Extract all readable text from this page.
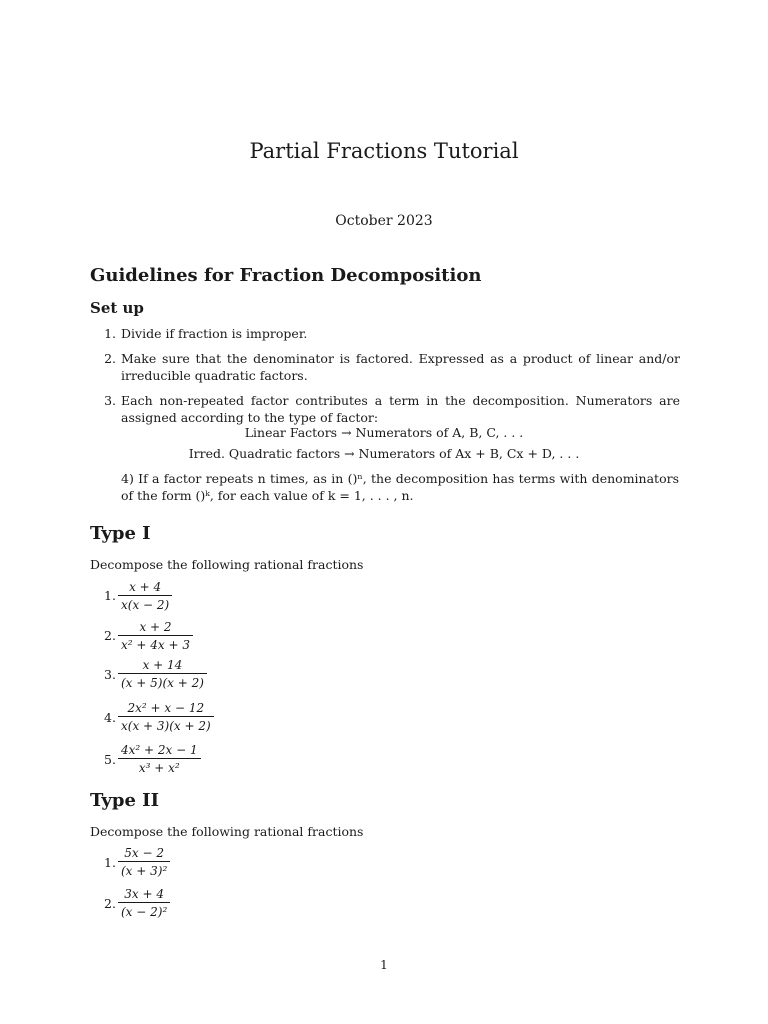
Partial Fractions Tutorial
October 2023
Guidelines for Fraction Decomposition
Set up
1. Divide if fraction is improper.
2. Make sure that the denominator is factored. Expressed as a product of linear and/or irreducible quadratic factors.
3. Each non-repeated factor contributes a term in the decomposition. Numerators are assigned according to the type of factor:
Linear Factors → Numerators of A, B, C, . . .
Irred. Quadratic factors → Numerators of Ax + B, Cx + D, . . .
4) If a factor repeats n times, as in ()ⁿ, the decomposition has terms with denominators of the form ()ᵏ, for each value of k = 1, . . . , n.
Type I
Decompose the following rational fractions
1.
x + 4
x(x − 2)
2.
x + 2
x² + 4x + 3
3.
x + 14
(x + 5)(x + 2)
4.
2x² + x − 12
x(x + 3)(x + 2)
5.
4x² + 2x − 1
x³ + x²
Type II
Decompose the following rational fractions
1.
5x − 2
(x + 3)²
2.
3x + 4
(x − 2)²
1
